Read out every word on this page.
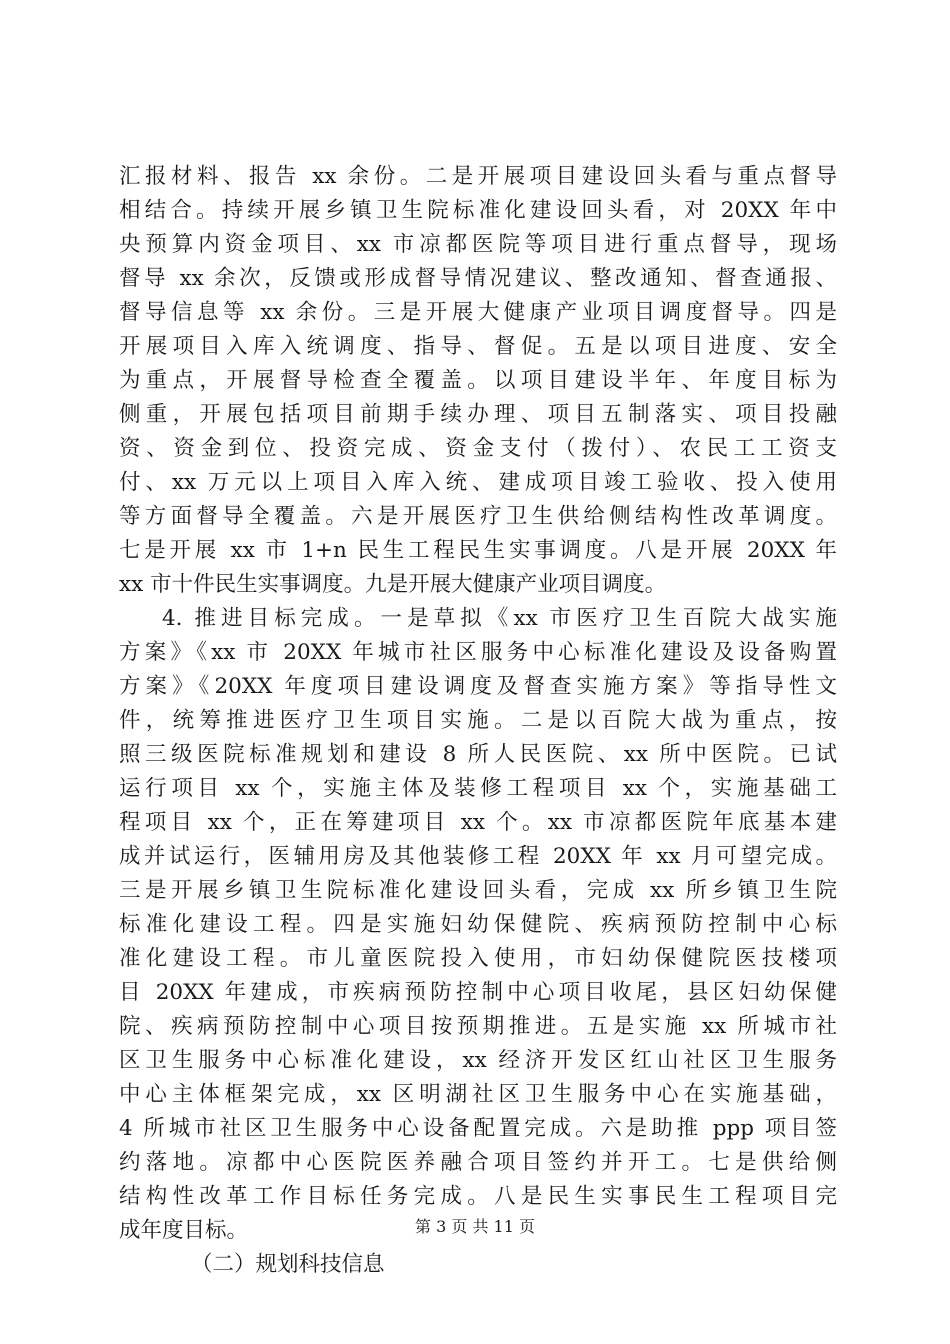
汇报材料、报告 xx 余份。二是开展项目建设回头看与重点督导
相结合。持续开展乡镇卫生院标准化建设回头看，对 20XX 年中
央预算内资金项目、xx 市凉都医院等项目进行重点督导，现场
督导 xx 余次，反馈或形成督导情况建议、整改通知、督查通报、
督导信息等 xx 余份。三是开展大健康产业项目调度督导。四是
开展项目入库入统调度、指导、督促。五是以项目进度、安全
为重点，开展督导检查全覆盖。以项目建设半年、年度目标为
侧重，开展包括项目前期手续办理、项目五制落实、项目投融
资、资金到位、投资完成、资金支付（拨付）、农民工工资支
付、xx 万元以上项目入库入统、建成项目竣工验收、投入使用
等方面督导全覆盖。六是开展医疗卫生供给侧结构性改革调度。
七是开展 xx 市 1+n 民生工程民生实事调度。八是开展 20XX 年
xx 市十件民生实事调度。九是开展大健康产业项目调度。
4. 推进目标完成。一是草拟《xx 市医疗卫生百院大战实施
方案》《xx 市 20XX 年城市社区服务中心标准化建设及设备购置
方案》《20XX 年度项目建设调度及督查实施方案》等指导性文
件，统筹推进医疗卫生项目实施。二是以百院大战为重点，按
照三级医院标准规划和建设 8 所人民医院、xx 所中医院。已试
运行项目 xx 个，实施主体及装修工程项目 xx 个，实施基础工
程项目 xx 个，正在筹建项目 xx 个。xx 市凉都医院年底基本建
成并试运行，医辅用房及其他装修工程 20XX 年 xx 月可望完成。
三是开展乡镇卫生院标准化建设回头看，完成 xx 所乡镇卫生院
标准化建设工程。四是实施妇幼保健院、疾病预防控制中心标
准化建设工程。市儿童医院投入使用，市妇幼保健院医技楼项
目 20XX 年建成，市疾病预防控制中心项目收尾，县区妇幼保健
院、疾病预防控制中心项目按预期推进。五是实施 xx 所城市社
区卫生服务中心标准化建设，xx 经济开发区红山社区卫生服务
中心主体框架完成，xx 区明湖社区卫生服务中心在实施基础，
4 所城市社区卫生服务中心设备配置完成。六是助推 ppp 项目签
约落地。凉都中心医院医养融合项目签约并开工。七是供给侧
结构性改革工作目标任务完成。八是民生实事民生工程项目完
成年度目标。
（二）规划科技信息
第 3 页 共 11 页
